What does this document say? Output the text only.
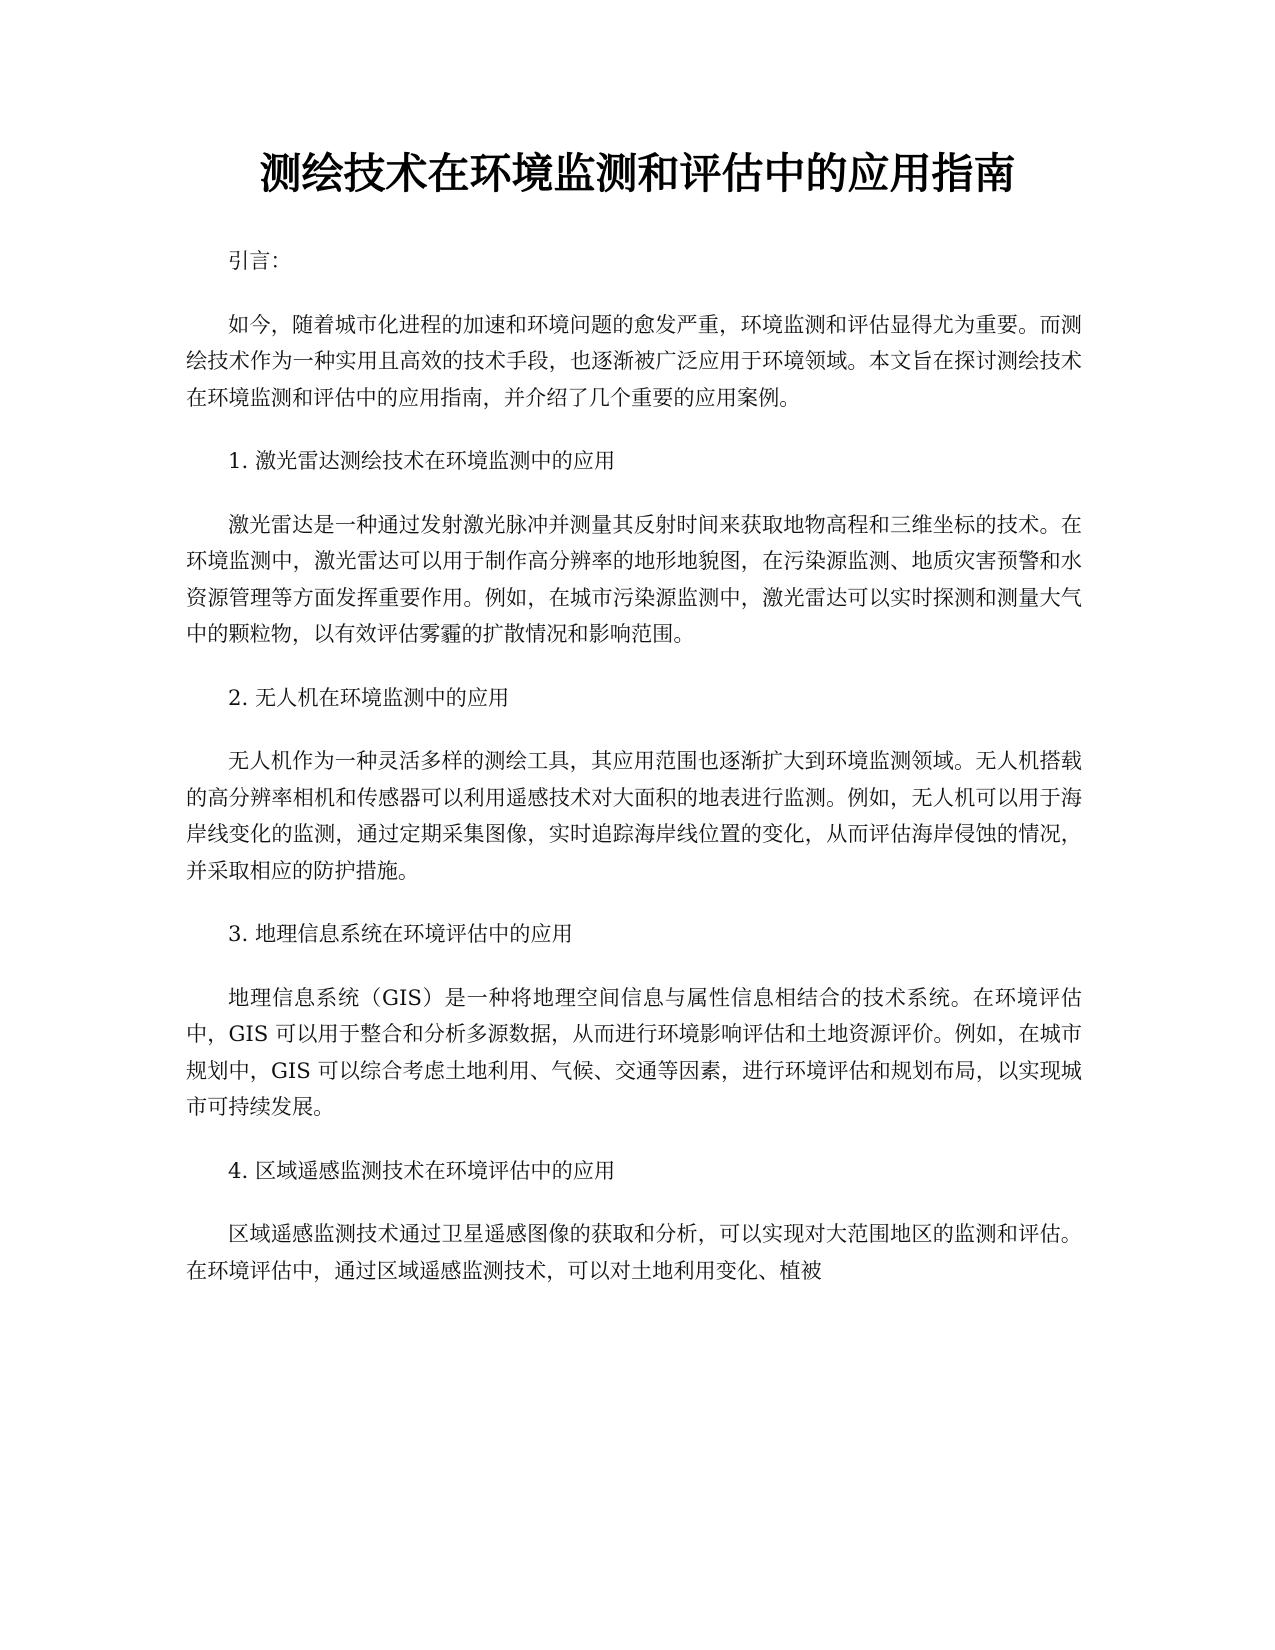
测绘技术在环境监测和评估中的应用指南

引言：

如今，随着城市化进程的加速和环境问题的愈发严重，环境监测和评估显得尤为重要。而测绘技术作为一种实用且高效的技术手段，也逐渐被广泛应用于环境领域。本文旨在探讨测绘技术在环境监测和评估中的应用指南，并介绍了几个重要的应用案例。

1. 激光雷达测绘技术在环境监测中的应用

激光雷达是一种通过发射激光脉冲并测量其反射时间来获取地物高程和三维坐标的技术。在环境监测中，激光雷达可以用于制作高分辨率的地形地貌图，在污染源监测、地质灾害预警和水资源管理等方面发挥重要作用。例如，在城市污染源监测中，激光雷达可以实时探测和测量大气中的颗粒物，以有效评估雾霾的扩散情况和影响范围。

2. 无人机在环境监测中的应用

无人机作为一种灵活多样的测绘工具，其应用范围也逐渐扩大到环境监测领域。无人机搭载的高分辨率相机和传感器可以利用遥感技术对大面积的地表进行监测。例如，无人机可以用于海岸线变化的监测，通过定期采集图像，实时追踪海岸线位置的变化，从而评估海岸侵蚀的情况，并采取相应的防护措施。

3. 地理信息系统在环境评估中的应用

地理信息系统（GIS）是一种将地理空间信息与属性信息相结合的技术系统。在环境评估中，GIS 可以用于整合和分析多源数据，从而进行环境影响评估和土地资源评价。例如，在城市规划中，GIS 可以综合考虑土地利用、气候、交通等因素，进行环境评估和规划布局，以实现城市可持续发展。

4. 区域遥感监测技术在环境评估中的应用

区域遥感监测技术通过卫星遥感图像的获取和分析，可以实现对大范围地区的监测和评估。在环境评估中，通过区域遥感监测技术，可以对土地利用变化、植被
